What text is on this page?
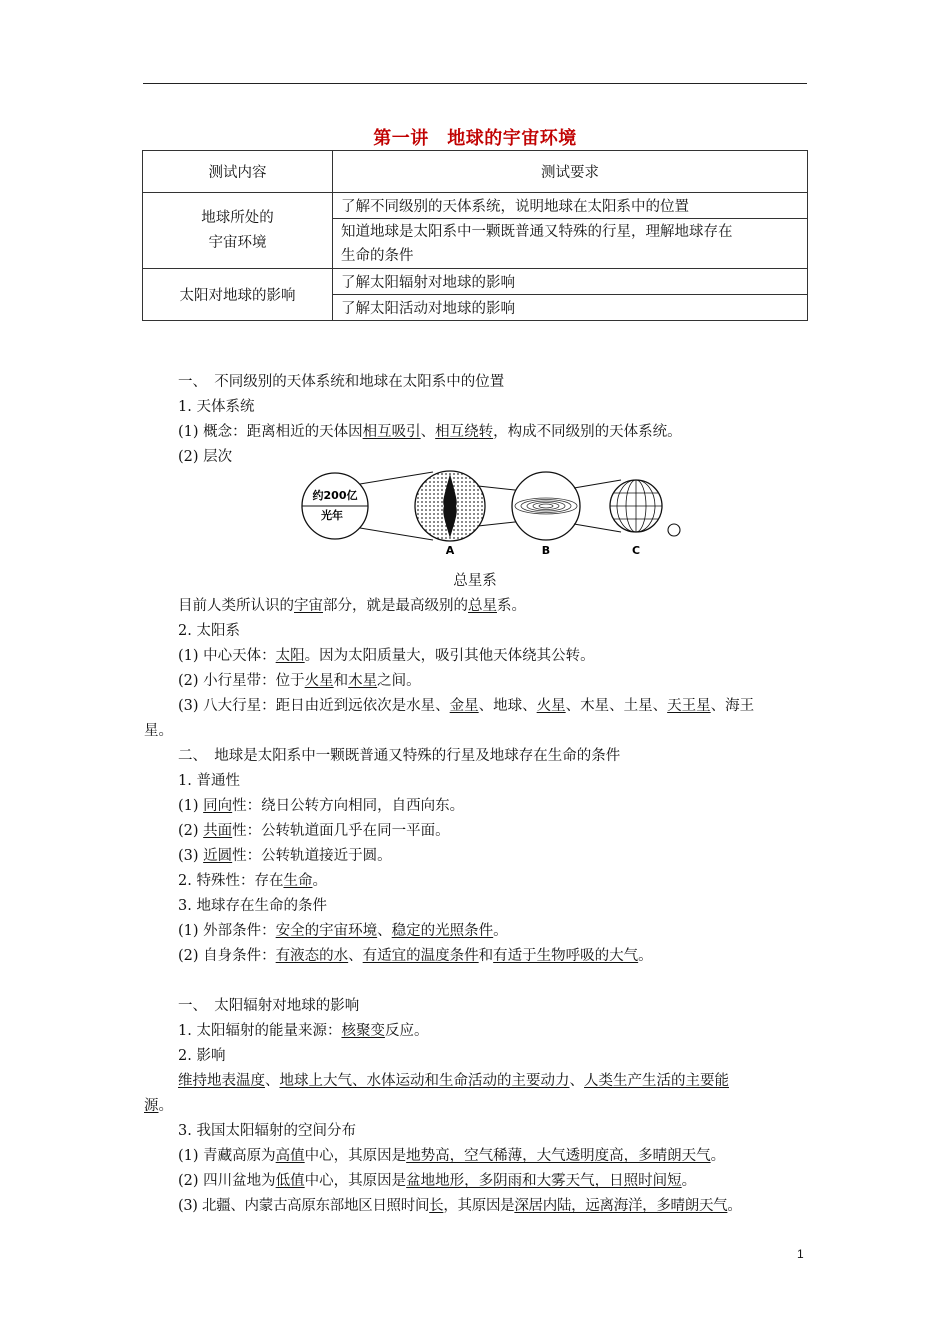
第一讲　地球的宇宙环境
测试内容	测试要求
地球所处的
宇宙环境	了解不同级别的天体系统，说明地球在太阳系中的位置
	知道地球是太阳系中一颗既普通又特殊的行星，理解地球存在
生命的条件
太阳对地球的影响	了解太阳辐射对地球的影响
	了解太阳活动对地球的影响
一、　不同级别的天体系统和地球在太阳系中的位置
1. 天体系统
(1) 概念：距离相近的天体因相互吸引、相互绕转，构成不同级别的天体系统。
(2) 层次
约200亿
光年
A	B	C
总星系
目前人类所认识的宇宙部分，就是最高级别的总星系。
2. 太阳系
(1) 中心天体：太阳。因为太阳质量大，吸引其他天体绕其公转。
(2) 小行星带：位于火星和木星之间。
(3) 八大行星：距日由近到远依次是水星、金星、地球、火星、木星、土星、天王星、海王
星。
二、　地球是太阳系中一颗既普通又特殊的行星及地球存在生命的条件
1. 普通性
(1) 同向性：绕日公转方向相同，自西向东。
(2) 共面性：公转轨道面几乎在同一平面。
(3) 近圆性：公转轨道接近于圆。
2. 特殊性：存在生命。
3. 地球存在生命的条件
(1) 外部条件：安全的宇宙环境、稳定的光照条件。
(2) 自身条件：有液态的水、有适宜的温度条件和有适于生物呼吸的大气。
一、　太阳辐射对地球的影响
1. 太阳辐射的能量来源：核聚变反应。
2. 影响
维持地表温度、地球上大气、水体运动和生命活动的主要动力、人类生产生活的主要能
源。
3. 我国太阳辐射的空间分布
(1) 青藏高原为高值中心，其原因是地势高，空气稀薄，大气透明度高，多晴朗天气。
(2) 四川盆地为低值中心，其原因是盆地地形，多阴雨和大雾天气，日照时间短。
(3) 北疆、内蒙古高原东部地区日照时间长，其原因是深居内陆，远离海洋，多晴朗天气。
1
